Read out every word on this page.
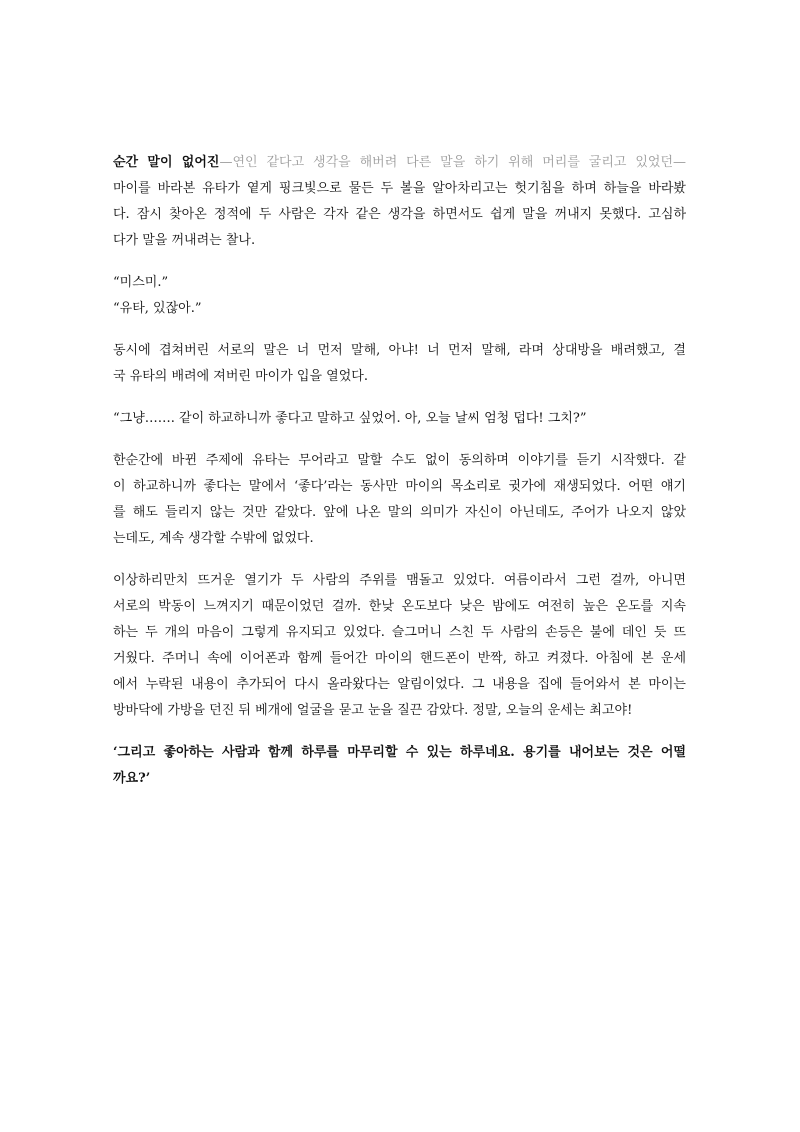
순간 말이 없어진—연인 같다고 생각을 해버려 다른 말을 하기 위해 머리를 굴리고 있었던—
마이를 바라본 유타가 옅게 핑크빛으로 물든 두 볼을 알아차리고는 헛기침을 하며 하늘을 바라봤
다. 잠시 찾아온 정적에 두 사람은 각자 같은 생각을 하면서도 쉽게 말을 꺼내지 못했다. 고심하
다가 말을 꺼내려는 찰나.
“미스미.”
“유타, 있잖아.”
동시에 겹쳐버린 서로의 말은 너 먼저 말해, 아냐! 너 먼저 말해, 라며 상대방을 배려했고, 결
국 유타의 배려에 져버린 마이가 입을 열었다.
“그냥……. 같이 하교하니까 좋다고 말하고 싶었어. 아, 오늘 날씨 엄청 덥다! 그치?”
한순간에 바뀐 주제에 유타는 무어라고 말할 수도 없이 동의하며 이야기를 듣기 시작했다. 같
이 하교하니까 좋다는 말에서 ‘좋다’라는 동사만 마이의 목소리로 귓가에 재생되었다. 어떤 얘기
를 해도 들리지 않는 것만 같았다. 앞에 나온 말의 의미가 자신이 아닌데도, 주어가 나오지 않았
는데도, 계속 생각할 수밖에 없었다.
이상하리만치 뜨거운 열기가 두 사람의 주위를 맴돌고 있었다. 여름이라서 그런 걸까, 아니면
서로의 박동이 느껴지기 때문이었던 걸까. 한낮 온도보다 낮은 밤에도 여전히 높은 온도를 지속
하는 두 개의 마음이 그렇게 유지되고 있었다. 슬그머니 스친 두 사람의 손등은 불에 데인 듯 뜨
거웠다. 주머니 속에 이어폰과 함께 들어간 마이의 핸드폰이 반짝, 하고 켜졌다. 아침에 본 운세
에서 누락된 내용이 추가되어 다시 올라왔다는 알림이었다. 그 내용을 집에 들어와서 본 마이는
방바닥에 가방을 던진 뒤 베개에 얼굴을 묻고 눈을 질끈 감았다. 정말, 오늘의 운세는 최고야!
‘그리고 좋아하는 사람과 함께 하루를 마무리할 수 있는 하루네요. 용기를 내어보는 것은 어떨
까요?’
